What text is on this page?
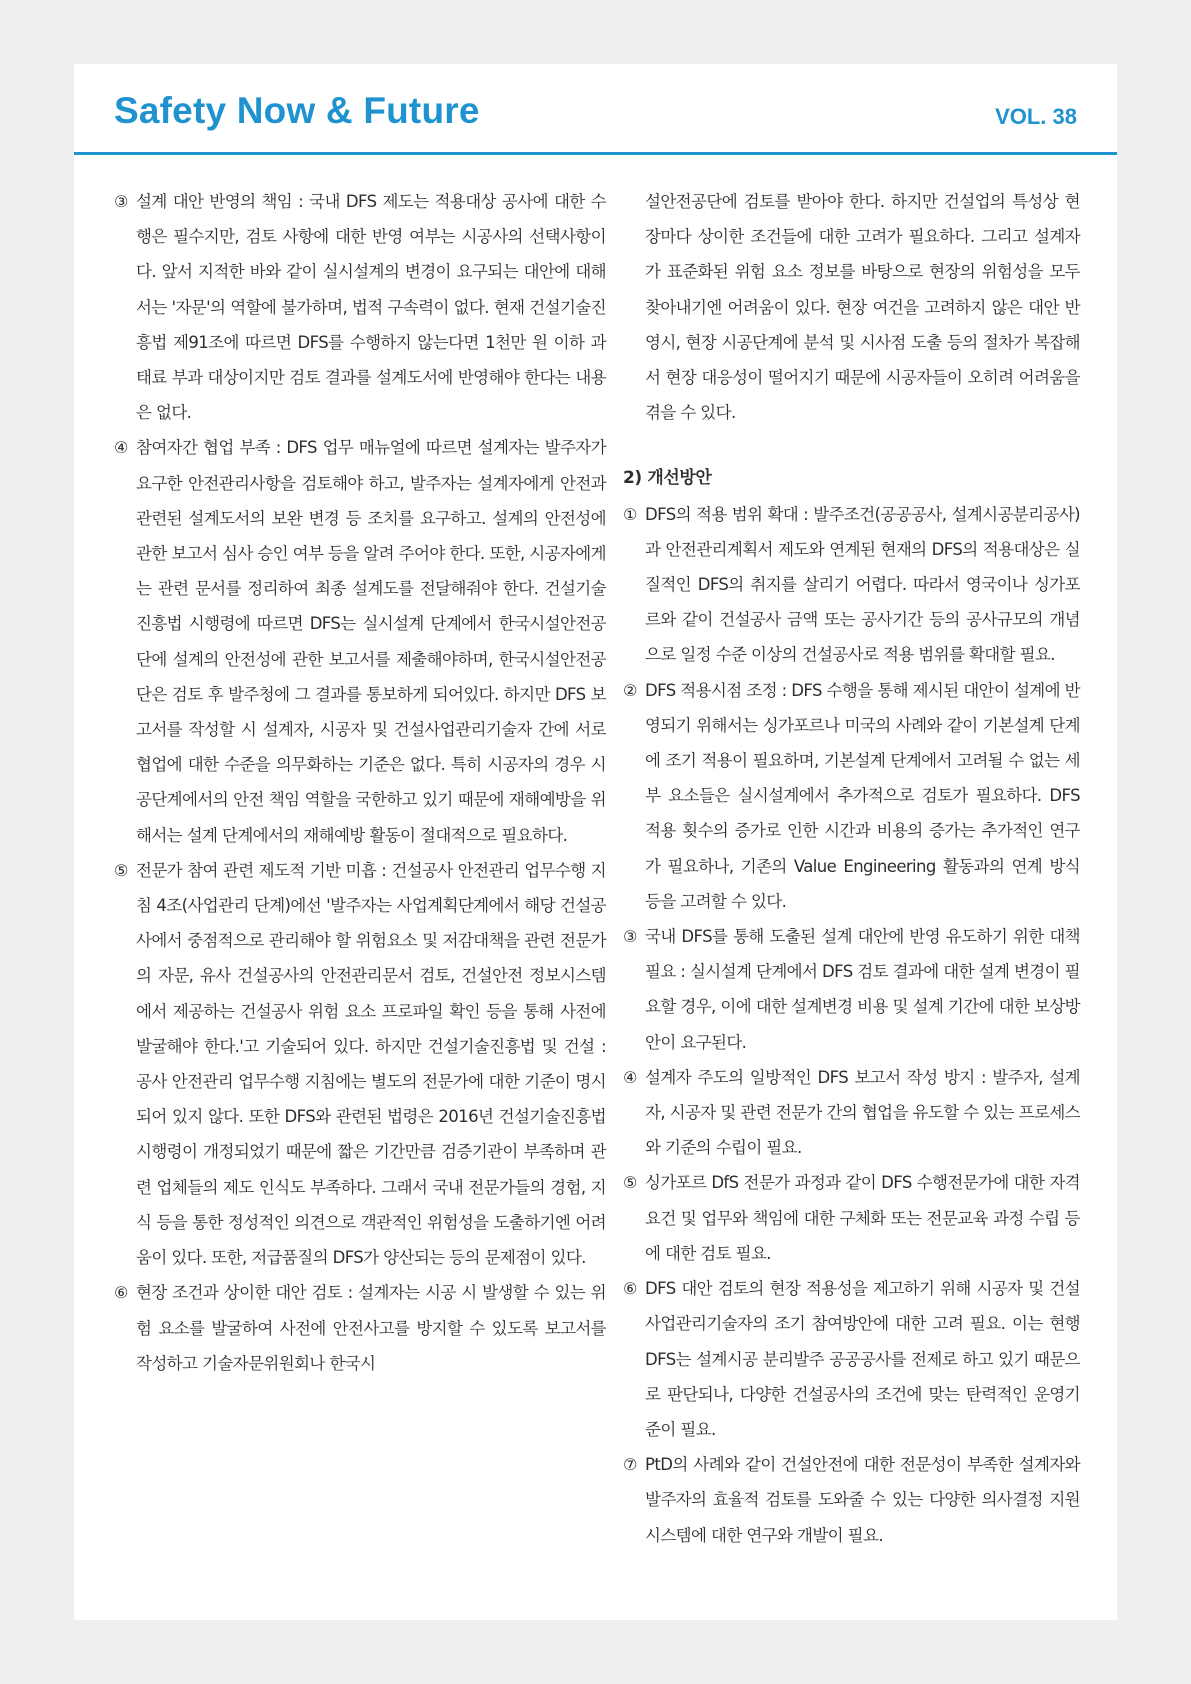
Safety Now & Future	VOL. 38
③ 설계 대안 반영의 책임 : 국내 DFS 제도는 적용대상 공사에 대한 수행은 필수지만, 검토 사항에 대한 반영 여부는 시공사의 선택사항이다. 앞서 지적한 바와 같이 실시설계의 변경이 요구되는 대안에 대해서는 '자문'의 역할에 불가하며, 법적 구속력이 없다. 현재 건설기술진흥법 제91조에 따르면 DFS를 수행하지 않는다면 1천만 원 이하 과태료 부과 대상이지만 검토 결과를 설계도서에 반영해야 한다는 내용은 없다.
④ 참여자간 협업 부족 : DFS 업무 매뉴얼에 따르면 설계자는 발주자가 요구한 안전관리사항을 검토해야 하고, 발주자는 설계자에게 안전과 관련된 설계도서의 보완 변경 등 조치를 요구하고. 설계의 안전성에 관한 보고서 심사 승인 여부 등을 알려 주어야 한다. 또한, 시공자에게는 관련 문서를 정리하여 최종 설계도를 전달해줘야 한다. 건설기술진흥법 시행령에 따르면 DFS는 실시설계 단계에서 한국시설안전공단에 설계의 안전성에 관한 보고서를 제출해야하며, 한국시설안전공단은 검토 후 발주청에 그 결과를 통보하게 되어있다. 하지만 DFS 보고서를 작성할 시 설계자, 시공자 및 건설사업관리기술자 간에 서로 협업에 대한 수준을 의무화하는 기준은 없다. 특히 시공자의 경우 시공단계에서의 안전 책임 역할을 국한하고 있기 때문에 재해예방을 위해서는 설계 단계에서의 재해예방 활동이 절대적으로 필요하다.
⑤ 전문가 참여 관련 제도적 기반 미흡 : 건설공사 안전관리 업무수행 지침 4조(사업관리 단계)에선 '발주자는 사업계획단계에서 해당 건설공사에서 중점적으로 관리해야 할 위험요소 및 저감대책을 관련 전문가의 자문, 유사 건설공사의 안전관리문서 검토, 건설안전 정보시스템에서 제공하는 건설공사 위험 요소 프로파일 확인 등을 통해 사전에 발굴해야 한다.'고 기술되어 있다. 하지만 건설기술진흥법 및 건설 : 공사 안전관리 업무수행 지침에는 별도의 전문가에 대한 기준이 명시되어 있지 않다. 또한 DFS와 관련된 법령은 2016년 건설기술진흥법 시행령이 개정되었기 때문에 짧은 기간만큼 검증기관이 부족하며 관련 업체들의 제도 인식도 부족하다. 그래서 국내 전문가들의 경험, 지식 등을 통한 정성적인 의견으로 객관적인 위험성을 도출하기엔 어려움이 있다. 또한, 저급품질의 DFS가 양산되는 등의 문제점이 있다.
⑥ 현장 조건과 상이한 대안 검토 : 설계자는 시공 시 발생할 수 있는 위험 요소를 발굴하여 사전에 안전사고를 방지할 수 있도록 보고서를 작성하고 기술자문위원회나 한국시

설안전공단에 검토를 받아야 한다. 하지만 건설업의 특성상 현장마다 상이한 조건들에 대한 고려가 필요하다. 그리고 설계자가 표준화된 위험 요소 정보를 바탕으로 현장의 위험성을 모두 찾아내기엔 어려움이 있다. 현장 여건을 고려하지 않은 대안 반영시, 현장 시공단계에 분석 및 시사점 도출 등의 절차가 복잡해서 현장 대응성이 떨어지기 때문에 시공자들이 오히려 어려움을 겪을 수 있다.

2) 개선방안

① DFS의 적용 범위 확대 : 발주조건(공공공사, 설계시공분리공사)과 안전관리계획서 제도와 연계된 현재의 DFS의 적용대상은 실질적인 DFS의 취지를 살리기 어렵다. 따라서 영국이나 싱가포르와 같이 건설공사 금액 또는 공사기간 등의 공사규모의 개념으로 일정 수준 이상의 건설공사로 적용 범위를 확대할 필요.
② DFS 적용시점 조정 : DFS 수행을 통해 제시된 대안이 설계에 반영되기 위해서는 싱가포르나 미국의 사례와 같이 기본설계 단계에 조기 적용이 필요하며, 기본설계 단계에서 고려될 수 없는 세부 요소들은 실시설계에서 추가적으로 검토가 필요하다. DFS 적용 횟수의 증가로 인한 시간과 비용의 증가는 추가적인 연구가 필요하나, 기존의 Value Engineering 활동과의 연계 방식 등을 고려할 수 있다.
③ 국내 DFS를 통해 도출된 설계 대안에 반영 유도하기 위한 대책 필요 : 실시설계 단계에서 DFS 검토 결과에 대한 설계 변경이 필요할 경우, 이에 대한 설계변경 비용 및 설계 기간에 대한 보상방안이 요구된다.
④ 설계자 주도의 일방적인 DFS 보고서 작성 방지 : 발주자, 설계자, 시공자 및 관련 전문가 간의 협업을 유도할 수 있는 프로세스와 기준의 수립이 필요.
⑤ 싱가포르 DfS 전문가 과정과 같이 DFS 수행전문가에 대한 자격요건 및 업무와 책임에 대한 구체화 또는 전문교육 과정 수립 등에 대한 검토 필요.
⑥ DFS 대안 검토의 현장 적용성을 제고하기 위해 시공자 및 건설사업관리기술자의 조기 참여방안에 대한 고려 필요. 이는 현행 DFS는 설계시공 분리발주 공공공사를 전제로 하고 있기 때문으로 판단되나, 다양한 건설공사의 조건에 맞는 탄력적인 운영기준이 필요.
⑦ PtD의 사례와 같이 건설안전에 대한 전문성이 부족한 설계자와 발주자의 효율적 검토를 도와줄 수 있는 다양한 의사결정 지원 시스템에 대한 연구와 개발이 필요.
